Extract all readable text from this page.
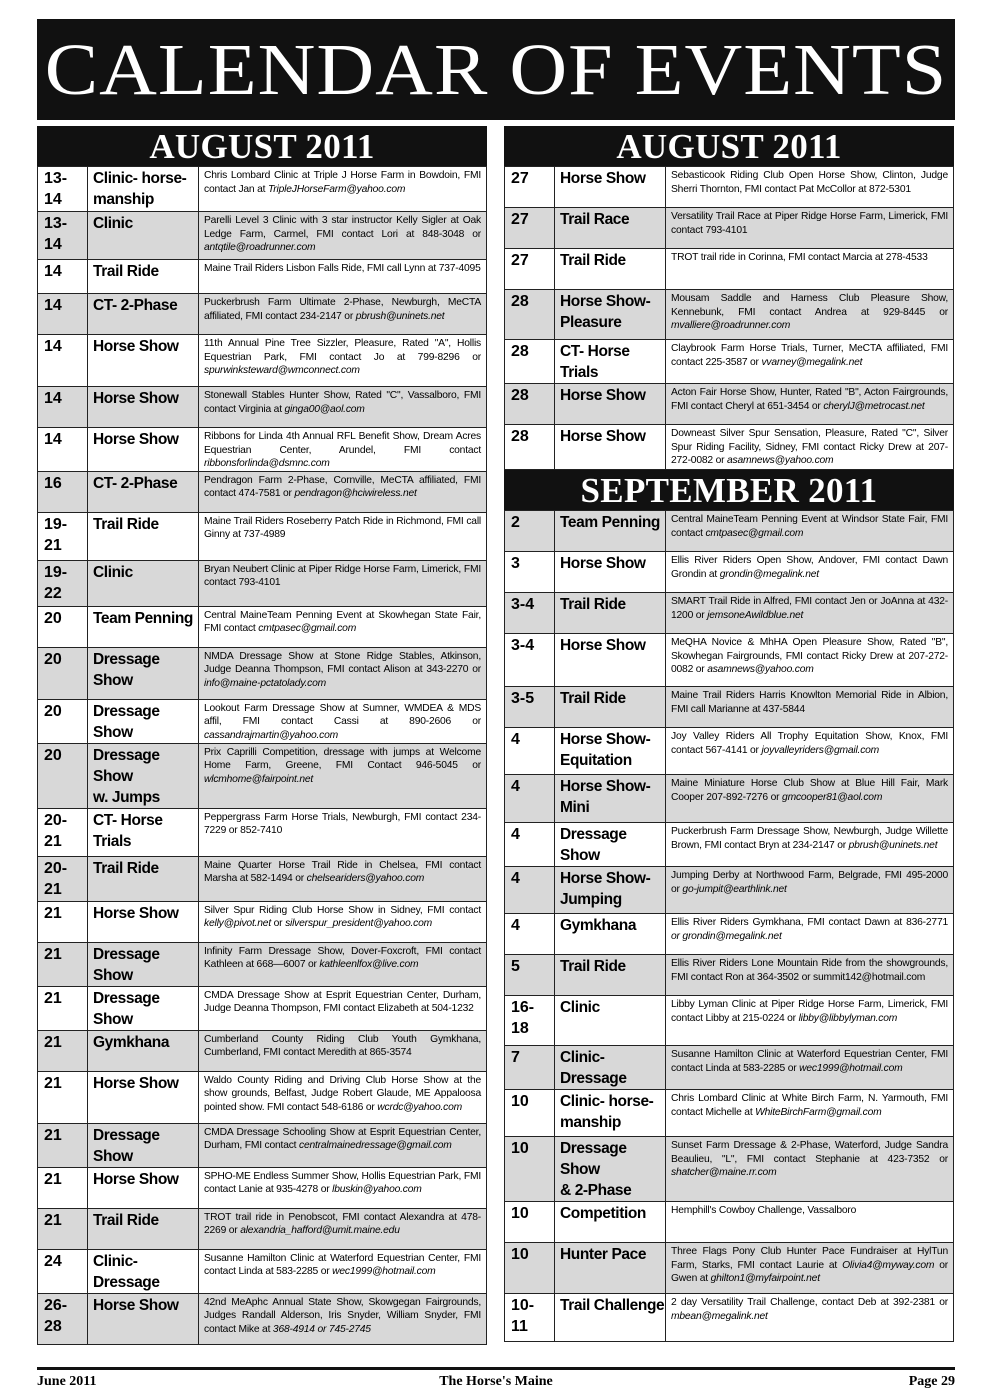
CALENDAR OF EVENTS
AUGUST 2011
13-
14	Clinic- horse-
manship	Chris Lombard Clinic at Triple J Horse Farm in Bowdoin, FMI contact Jan at TripleJHorseFarm@yahoo.com
13-
14	Clinic	Parelli Level 3 Clinic with 3 star instructor Kelly Sigler at Oak Ledge Farm, Carmel, FMI contact Lori at 848-3048 or antqtile@roadrunner.com
14	Trail Ride	Maine Trail Riders Lisbon Falls Ride, FMI call Lynn at 737-4095
14	CT- 2-Phase	Puckerbrush Farm Ultimate 2-Phase, Newburgh, MeCTA affiliated, FMI contact 234-2147 or pbrush@uninets.net
14	Horse Show	11th Annual Pine Tree Sizzler, Pleasure, Rated "A", Hollis Equestrian Park, FMI contact Jo at 799-8296 or spurwinksteward@wmconnect.com
14	Horse Show	Stonewall Stables Hunter Show, Rated "C", Vassalboro, FMI contact Virginia at ginga00@aol.com
14	Horse Show	Ribbons for Linda 4th Annual RFL Benefit Show, Dream Acres Equestrian Center, Arundel, FMI contact ribbonsforlinda@dsmnc.com
16	CT- 2-Phase	Pendragon Farm 2-Phase, Cornville, MeCTA affiliated, FMI contact 474-7581 or pendragon@hciwireless.net
19-
21	Trail Ride	Maine Trail Riders Roseberry Patch Ride in Richmond, FMI call Ginny at 737-4989
19-
22	Clinic	Bryan Neubert Clinic at Piper Ridge Horse Farm, Limerick, FMI contact 793-4101
20	Team Penning	Central MaineTeam Penning Event at Skowhegan State Fair, FMI contact cmtpasec@gmail.com
20	Dressage Show	NMDA Dressage Show at Stone Ridge Stables, Atkinson, Judge Deanna Thompson, FMI contact Alison at 343-2270 or info@maine-pctatolady.com
20	Dressage Show	Lookout Farm Dressage Show at Sumner, WMDEA & MDS affil, FMI contact Cassi at 890-2606 or cassandrajmartin@yahoo.com
20	Dressage Show
w. Jumps	Prix Caprilli Competition, dressage with jumps at Welcome Home Farm, Greene, FMI Contact 946-5045 or wlcmhome@fairpoint.net
20-
21	CT- Horse Trials	Peppergrass Farm Horse Trials, Newburgh, FMI contact 234-7229 or 852-7410
20-
21	Trail Ride	Maine Quarter Horse Trail Ride in Chelsea, FMI contact Marsha at 582-1494 or chelseariders@yahoo.com
21	Horse Show	Silver Spur Riding Club Horse Show in Sidney, FMI contact kelly@pivot.net or silverspur_president@yahoo.com
21	Dressage Show	Infinity Farm Dressage Show, Dover-Foxcroft, FMI contact Kathleen at 668—6007 or kathleenlfox@live.com
21	Dressage Show	CMDA Dressage Show at Esprit Equestrian Center, Durham, Judge Deanna Thompson, FMI contact Elizabeth at 504-1232
21	Gymkhana	Cumberland County Riding Club Youth Gymkhana, Cumberland, FMI contact Meredith at 865-3574
21	Horse Show	Waldo County Riding and Driving Club Horse Show at the show grounds, Belfast, Judge Robert Glaude, ME Appaloosa pointed show. FMI contact 548-6186 or wcrdc@yahoo.com
21	Dressage Show	CMDA Dressage Schooling Show at Esprit Equestrian Center, Durham, FMI contact centralmainedressage@gmail.com
21	Horse Show	SPHO-ME Endless Summer Show, Hollis Equestrian Park, FMI contact Lanie at 935-4278 or lbuskin@yahoo.com
21	Trail Ride	TROT trail ride in Penobscot, FMI contact Alexandra at 478-2269 or alexandria_hafford@umit.maine.edu
24	Clinic- Dressage	Susanne Hamilton Clinic at Waterford Equestrian Center, FMI contact Linda at 583-2285 or wec1999@hotmail.com
26-
28	Horse Show	42nd MeAphc Annual State Show, Skowgegan Fairgrounds, Judges Randall Alderson, Iris Snyder, William Snyder, FMI contact Mike at 368-4914 or 745-2745
AUGUST 2011
27	Horse Show	Sebasticook Riding Club Open Horse Show, Clinton, Judge Sherri Thornton, FMI contact Pat McCollor at 872-5301
27	Trail Race	Versatility Trail Race at Piper Ridge Horse Farm, Limerick, FMI contact 793-4101
27	Trail Ride	TROT trail ride in Corinna, FMI contact Marcia at 278-4533
28	Horse Show-
Pleasure	Mousam Saddle and Harness Club Pleasure Show, Kennebunk, FMI contact Andrea at 929-8445 or mvalliere@roadrunner.com
28	CT- Horse Trials	Claybrook Farm Horse Trials, Turner, MeCTA affiliated, FMI contact 225-3587 or vvarney@megalink.net
28	Horse Show	Acton Fair Horse Show, Hunter, Rated "B", Acton Fairgrounds, FMI contact Cheryl at 651-3454 or cherylJ@metrocast.net
28	Horse Show	Downeast Silver Spur Sensation, Pleasure, Rated "C", Silver Spur Riding Facility, Sidney, FMI contact Ricky Drew at 207-272-0082 or asamnews@yahoo.com
SEPTEMBER 2011
2	Team Penning	Central MaineTeam Penning Event at Windsor State Fair, FMI contact cmtpasec@gmail.com
3	Horse Show	Ellis River Riders Open Show, Andover, FMI contact Dawn Grondin at grondin@megalink.net
3-4	Trail Ride	SMART Trail Ride in Alfred, FMI contact Jen or JoAnna at 432-1200 or jemsoneAwildblue.net
3-4	Horse Show	MeQHA Novice & MhHA Open Pleasure Show, Rated "B", Skowhegan Fairgrounds, FMI contact Ricky Drew at 207-272-0082 or asamnews@yahoo.com
3-5	Trail Ride	Maine Trail Riders Harris Knowlton Memorial Ride in Albion, FMI call Marianne at 437-5844
4	Horse Show-
Equitation	Joy Valley Riders All Trophy Equitation Show, Knox, FMI contact 567-4141 or joyvalleyriders@gmail.com
4	Horse Show-
Mini	Maine Miniature Horse Club Show at Blue Hill Fair, Mark Cooper 207-892-7276 or gmcooper81@aol.com
4	Dressage Show	Puckerbrush Farm Dressage Show, Newburgh, Judge Willette Brown, FMI contact Bryn at 234-2147 or pbrush@uninets.net
4	Horse Show-
Jumping	Jumping Derby at Northwood Farm, Belgrade, FMI 495-2000 or go-jumpit@earthlink.net
4	Gymkhana	Ellis River Riders Gymkhana, FMI contact Dawn at 836-2771 or grondin@megalink.net
5	Trail Ride	Ellis River Riders Lone Mountain Ride from the showgrounds, FMI contact Ron at 364-3502 or summit142@hotmail.com
16-
18	Clinic	Libby Lyman Clinic at Piper Ridge Horse Farm, Limerick, FMI contact Libby at 215-0224 or libby@libbylyman.com
7	Clinic- Dressage	Susanne Hamilton Clinic at Waterford Equestrian Center, FMI contact Linda at 583-2285 or wec1999@hotmail.com
10	Clinic- horse-
manship	Chris Lombard Clinic at White Birch Farm, N. Yarmouth, FMI contact Michelle at WhiteBirchFarm@gmail.com
10	Dressage Show
& 2-Phase	Sunset Farm Dressage & 2-Phase, Waterford, Judge Sandra Beaulieu, "L", FMI contact Stephanie at 423-7352 or shatcher@maine.rr.com
10	Competition	Hemphill's Cowboy Challenge, Vassalboro
10	Hunter Pace	Three Flags Pony Club Hunter Pace Fundraiser at HylTun Farm, Starks, FMI contact Laurie at Olivia4@myway.com or Gwen at ghilton1@myfairpoint.net
10-
11	Trail Challenge	2 day Versatility Trail Challenge, contact Deb at 392-2381 or mbean@megalink.net
June 2011	The Horse's Maine	Page 29
